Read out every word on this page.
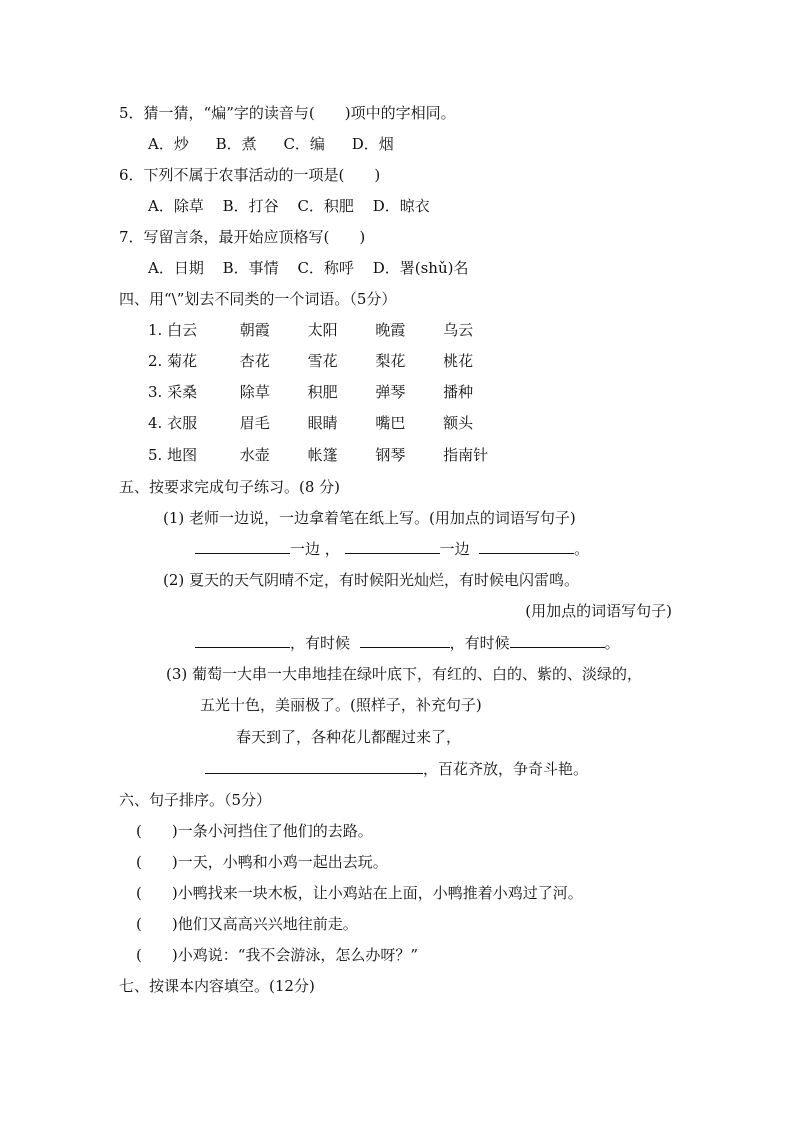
5．猜一猜，“煸”字的读音与(　　)项中的字相同。
A．炒 B．煮 C．编 D．烟
6．下列不属于农事活动的一项是(　　)
A．除草 B．打谷 C．积肥 D．晾衣
7．写留言条，最开始应顶格写(　　)
A．日期 B．事情 C．称呼 D．署(shǔ)名
四、用“\”划去不同类的一个词语。（5分）
1. 白云	朝霞	太阳	晚霞	乌云
2. 菊花	杏花	雪花	梨花	桃花
3. 采桑	除草	积肥	弹琴	播种
4. 衣服	眉毛	眼睛	嘴巴	额头
5. 地图	水壶	帐篷	钢琴	指南针
五、按要求完成句子练习。(8 分)
(1) 老师一边说，一边拿着笔在纸上写。(用加点的词语写句子)
一边 ，	一边	。
(2) 夏天的天气阴晴不定，有时候阳光灿烂，有时候电闪雷鸣。
(用加点的词语写句子)
，有时候	，有时候	。
(3) 葡萄一大串一大串地挂在绿叶底下，有红的、白的、紫的、淡绿的，
五光十色，美丽极了。(照样子，补充句子)
春天到了，各种花儿都醒过来了，
，百花齐放，争奇斗艳。
六、句子排序。（5分）
(　　)一条小河挡住了他们的去路。
(　　)一天，小鸭和小鸡一起出去玩。
(　　)小鸭找来一块木板，让小鸡站在上面，小鸭推着小鸡过了河。
(　　)他们又高高兴兴地往前走。
(　　)小鸡说：“我不会游泳，怎么办呀？”
七、按课本内容填空。(12分)
